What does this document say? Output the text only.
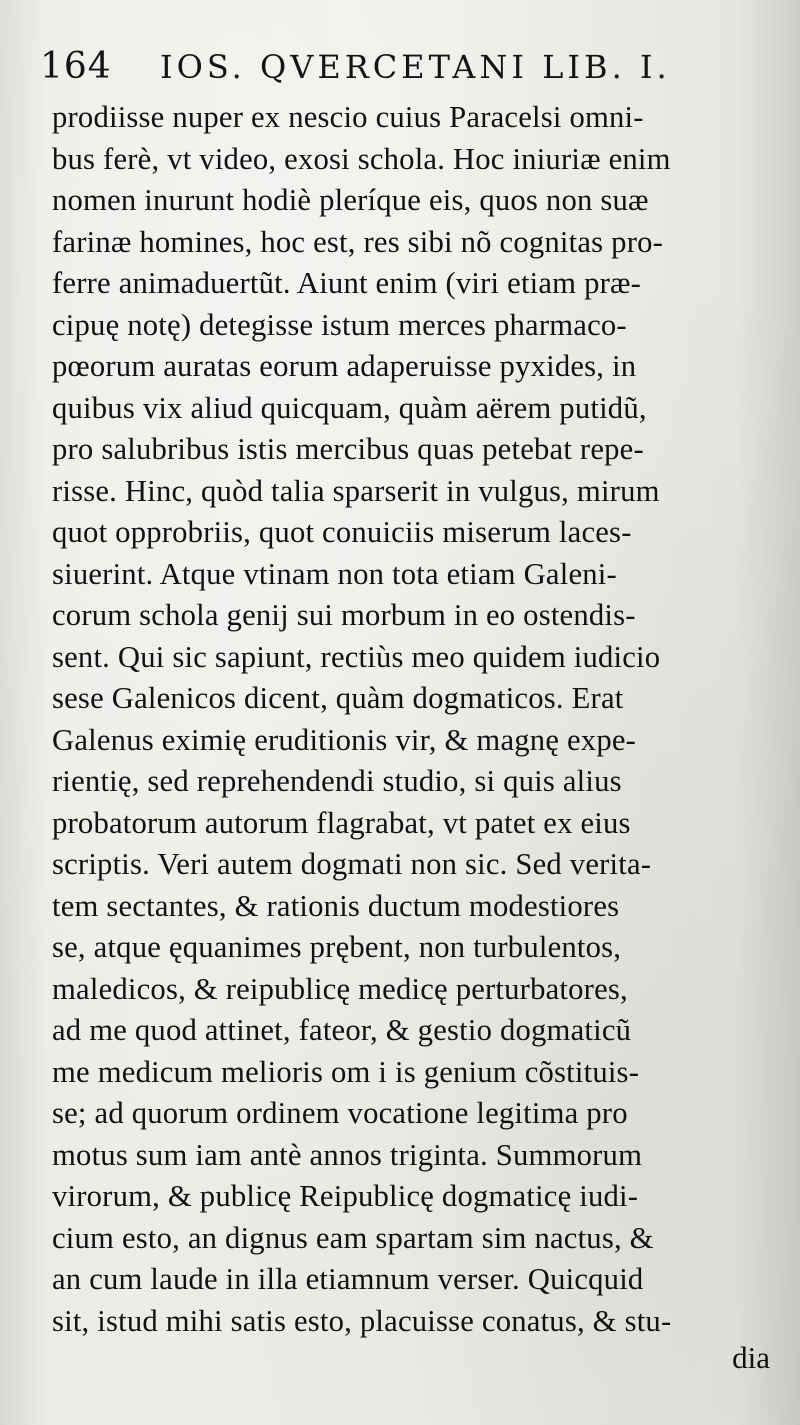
164 IOS. QVERCETANI LIB. I.
prodiisse nuper ex nescio cuius Paracelsi omni-
bus ferè, vt video, exosi schola. Hoc iniuriæ enim
nomen inurunt hodiè pleríque eis, quos non suæ
farinæ homines, hoc est, res sibi nõ cognitas pro-
ferre animaduertũt. Aiunt enim (viri etiam præ-
cipuę notę) detegisse istum merces pharmaco-
pœorum auratas eorum adaperuisse pyxides, in
quibus vix aliud quicquam, quàm aërem putidũ,
pro salubribus istis mercibus quas petebat repe-
risse. Hinc, quòd talia sparserit in vulgus, mirum
quot opprobriis, quot conuiciis miserum laces-
siuerint. Atque vtinam non tota etiam Galeni-
corum schola genij sui morbum in eo ostendis-
sent. Qui sic sapiunt, rectiùs meo quidem iudicio
sese Galenicos dicent, quàm dogmaticos. Erat
Galenus eximię eruditionis vir, & magnę expe-
rientię, sed reprehendendi studio, si quis alius
probatorum autorum flagrabat, vt patet ex eius
scriptis. Veri autem dogmati non sic. Sed verita-
tem sectantes, & rationis ductum modestiores
se, atque ęquanimes prębent, non turbulentos,
maledicos, & reipublicę medicę perturbatores,
ad me quod attinet, fateor, & gestio dogmaticũ
me medicum melioris om i is genium cõstituis-
se; ad quorum ordinem vocatione legitima pro
motus sum iam antè annos triginta. Summorum
virorum, & publicę Reipublicę dogmaticę iudi-
cium esto, an dignus eam spartam sim nactus, &
an cum laude in illa etiamnum verser. Quicquid
sit, istud mihi satis esto, placuisse conatus, & stu-
dia
